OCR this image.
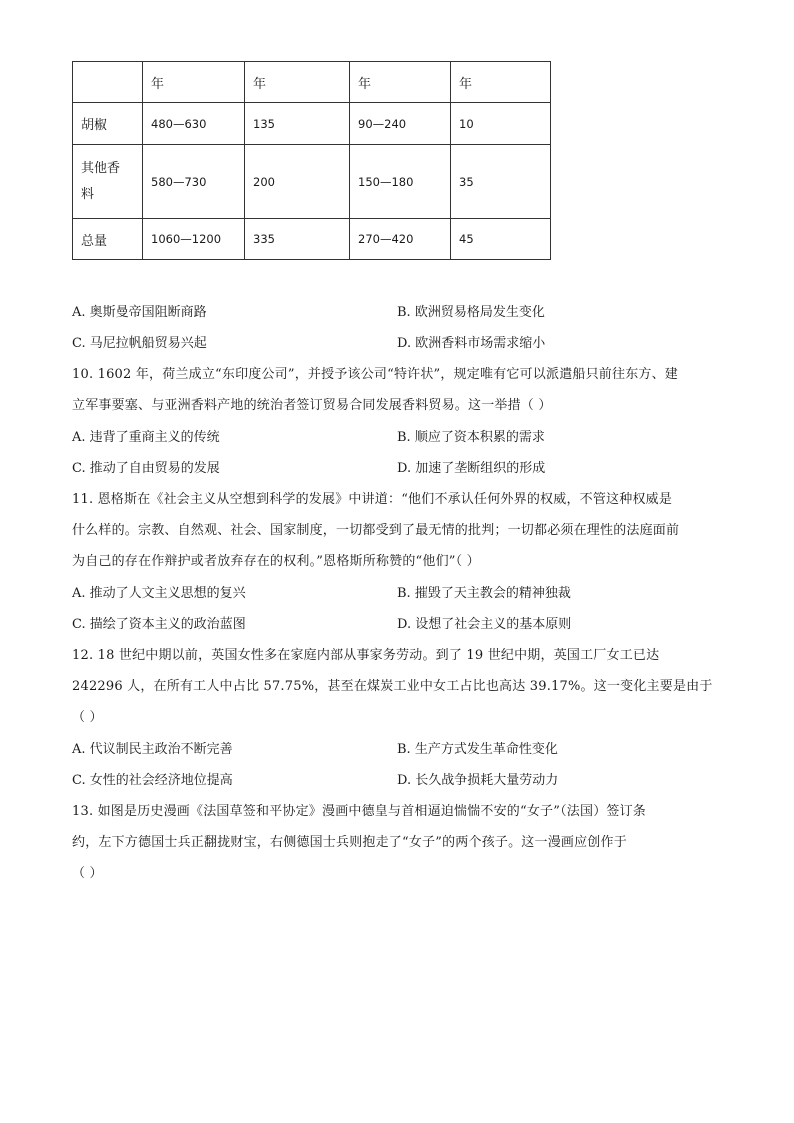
	年	年	年	年
胡椒	480—630	135	90—240	10

其他香料	580—730	200	150—180	35
总量	1060—1200	335	270—420	45
A. 奥斯曼帝国阻断商路	B. 欧洲贸易格局发生变化
C. 马尼拉帆船贸易兴起	D. 欧洲香料市场需求缩小
10. 1602 年，荷兰成立“东印度公司”，并授予该公司“特许状”，规定唯有它可以派遣船只前往东方、建
立军事要塞、与亚洲香料产地的统治者签订贸易合同发展香料贸易。这一举措（ ）
A. 违背了重商主义的传统	B. 顺应了资本积累的需求
C. 推动了自由贸易的发展	D. 加速了垄断组织的形成
11. 恩格斯在《社会主义从空想到科学的发展》中讲道：“他们不承认任何外界的权威，不管这种权威是
什么样的。宗教、自然观、社会、国家制度，一切都受到了最无情的批判；一切都必须在理性的法庭面前
为自己的存在作辩护或者放弃存在的权利。”恩格斯所称赞的“他们”（ ）
A. 推动了人文主义思想的复兴	B. 摧毁了天主教会的精神独裁
C. 描绘了资本主义的政治蓝图	D. 设想了社会主义的基本原则
12. 18 世纪中期以前，英国女性多在家庭内部从事家务劳动。到了 19 世纪中期，英国工厂女工已达
242296 人，在所有工人中占比 57.75%，甚至在煤炭工业中女工占比也高达 39.17%。这一变化主要是由于
（ ）
A. 代议制民主政治不断完善	B. 生产方式发生革命性变化
C. 女性的社会经济地位提高	D. 长久战争损耗大量劳动力
13. 如图是历史漫画《法国草签和平协定》漫画中德皇与首相逼迫惴惴不安的“女子”（法国）签订条
约，左下方德国士兵正翻拢财宝，右侧德国士兵则抱走了“女子”的两个孩子。这一漫画应创作于
（ ）
